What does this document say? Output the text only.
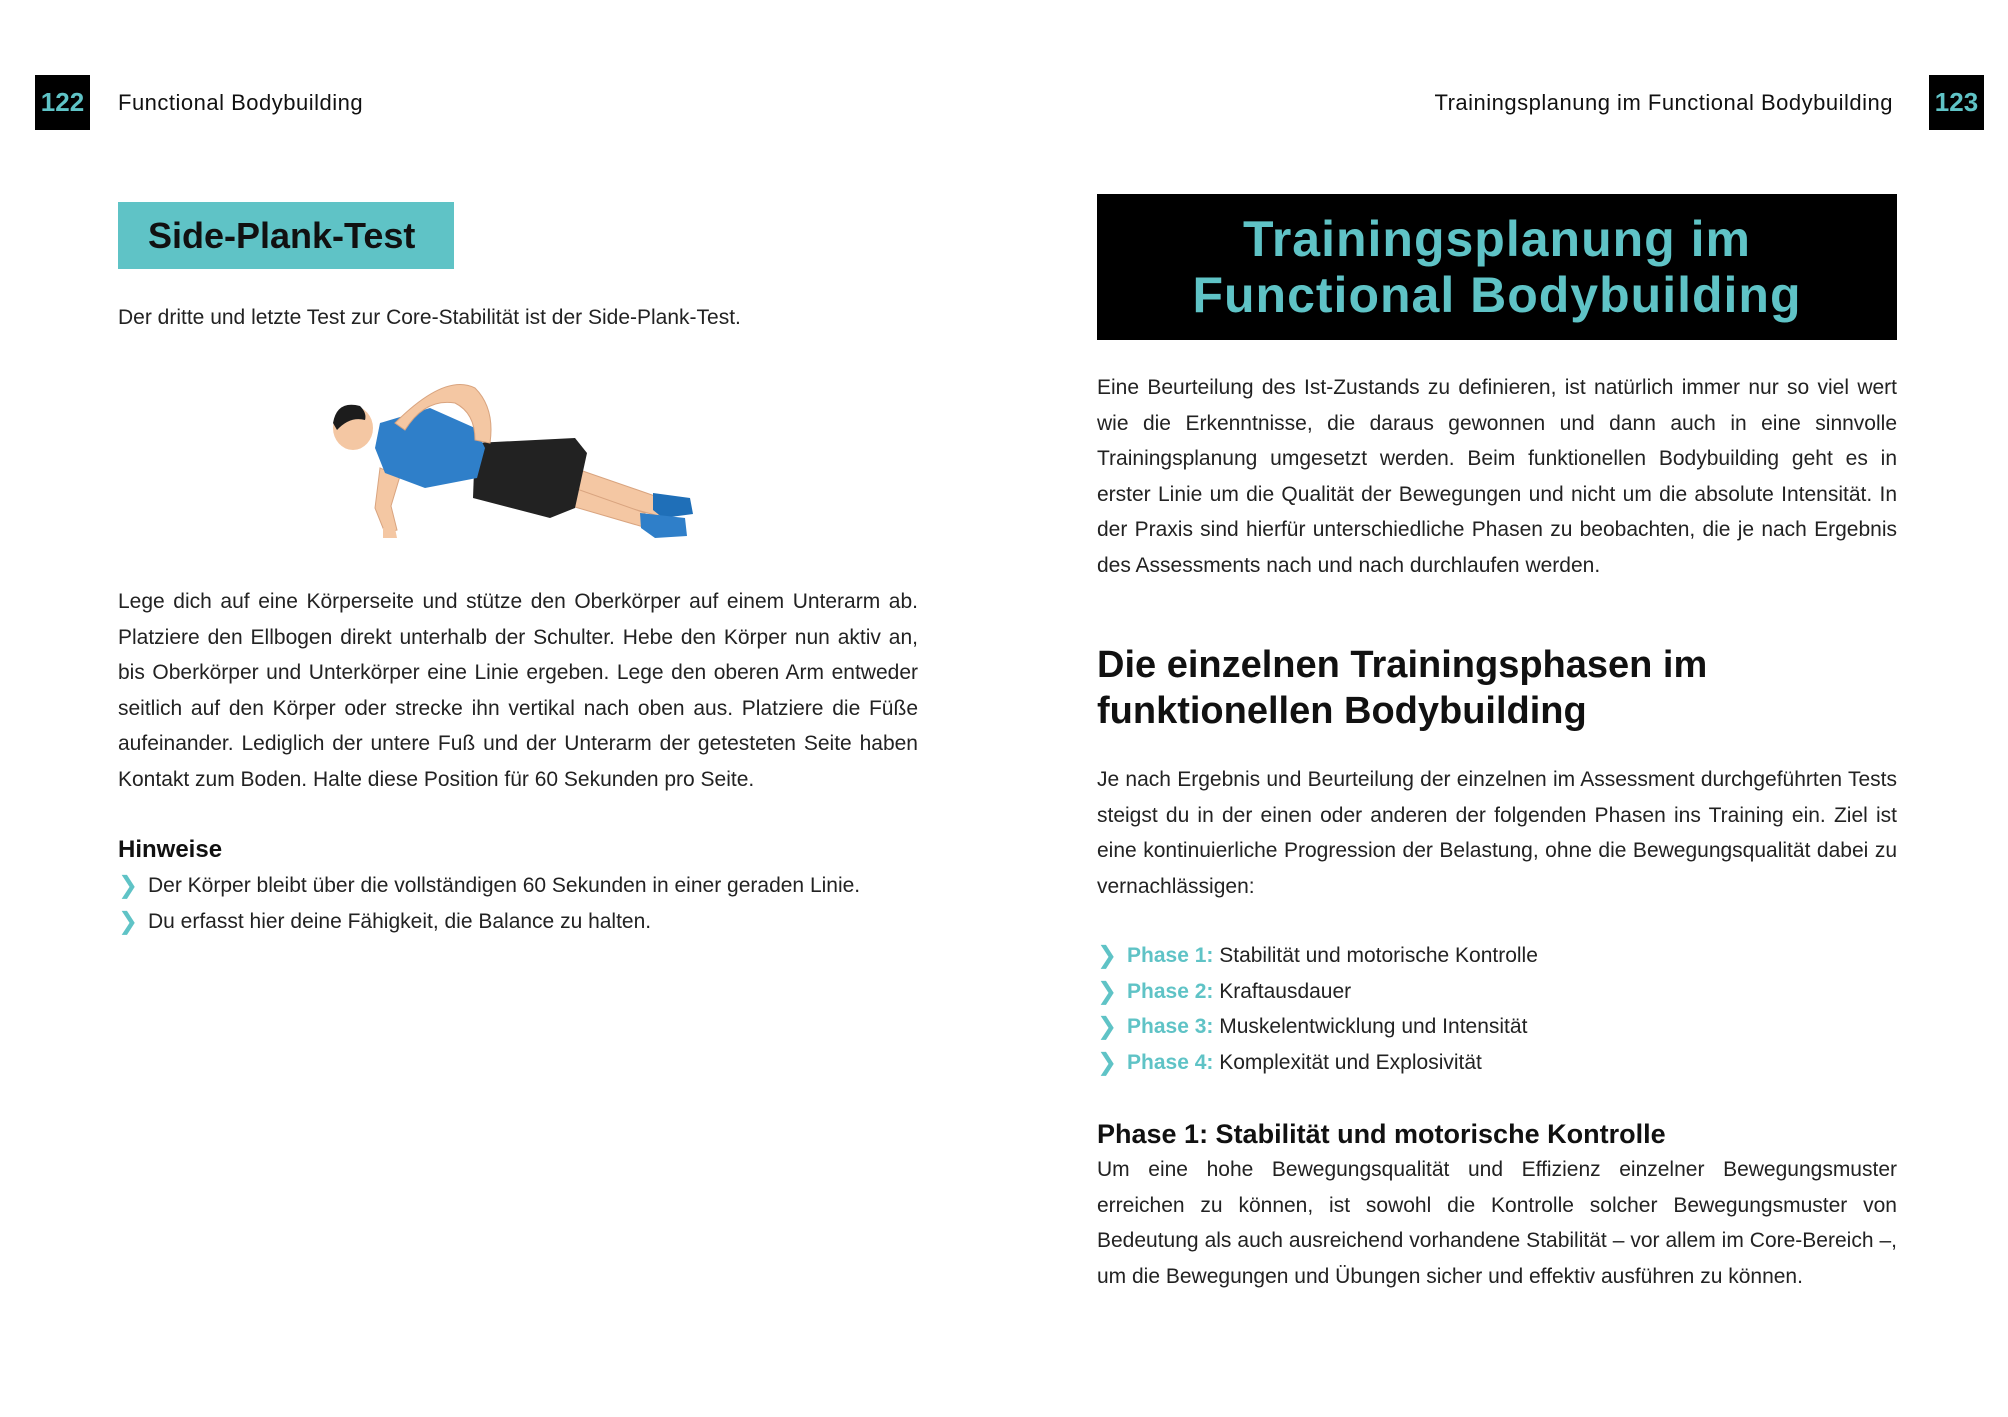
122 Functional Bodybuilding
Side-Plank-Test

Der dritte und letzte Test zur Core-Stabilität ist der Side-Plank-Test.

Lege dich auf eine Körperseite und stütze den Oberkörper auf einem Unterarm ab. Platziere den Ellbogen direkt unterhalb der Schulter. Hebe den Körper nun aktiv an, bis Oberkörper und Unterkörper eine Linie ergeben. Lege den oberen Arm entweder seitlich auf den Körper oder strecke ihn vertikal nach oben aus. Platziere die Füße aufeinander. Lediglich der untere Fuß und der Unterarm der getesteten Seite haben Kontakt zum Boden. Halte diese Position für 60 Sekunden pro Seite.

Hinweise
❯ Der Körper bleibt über die vollständigen 60 Sekunden in einer geraden Linie.
❯ Du erfasst hier deine Fähigkeit, die Balance zu halten.
Trainingsplanung im Functional Bodybuilding 123
Trainingsplanung im
Functional Bodybuilding

Eine Beurteilung des Ist-Zustands zu definieren, ist natürlich immer nur so viel wert wie die Erkenntnisse, die daraus gewonnen und dann auch in eine sinnvolle Trainingsplanung umgesetzt werden. Beim funktionellen Bodybuilding geht es in erster Linie um die Qualität der Bewegungen und nicht um die absolute Intensität. In der Praxis sind hierfür unterschiedliche Phasen zu beobachten, die je nach Ergebnis des Assessments nach und nach durchlaufen werden.

Die einzelnen Trainingsphasen im
funktionellen Bodybuilding

Je nach Ergebnis und Beurteilung der einzelnen im Assessment durchgeführten Tests steigst du in der einen oder anderen der folgenden Phasen ins Training ein. Ziel ist eine kontinuierliche Progression der Belastung, ohne die Bewegungsqualität dabei zu vernachlässigen:

❯ Phase 1: Stabilität und motorische Kontrolle
❯ Phase 2: Kraftausdauer
❯ Phase 3: Muskelentwicklung und Intensität
❯ Phase 4: Komplexität und Explosivität
Phase 1: Stabilität und motorische Kontrolle

Um eine hohe Bewegungsqualität und Effizienz einzelner Bewegungsmuster erreichen zu können, ist sowohl die Kontrolle solcher Bewegungsmuster von Bedeutung als auch ausreichend vorhandene Stabilität – vor allem im Core-Bereich –, um die Bewegungen und Übungen sicher und effektiv ausführen zu können.
